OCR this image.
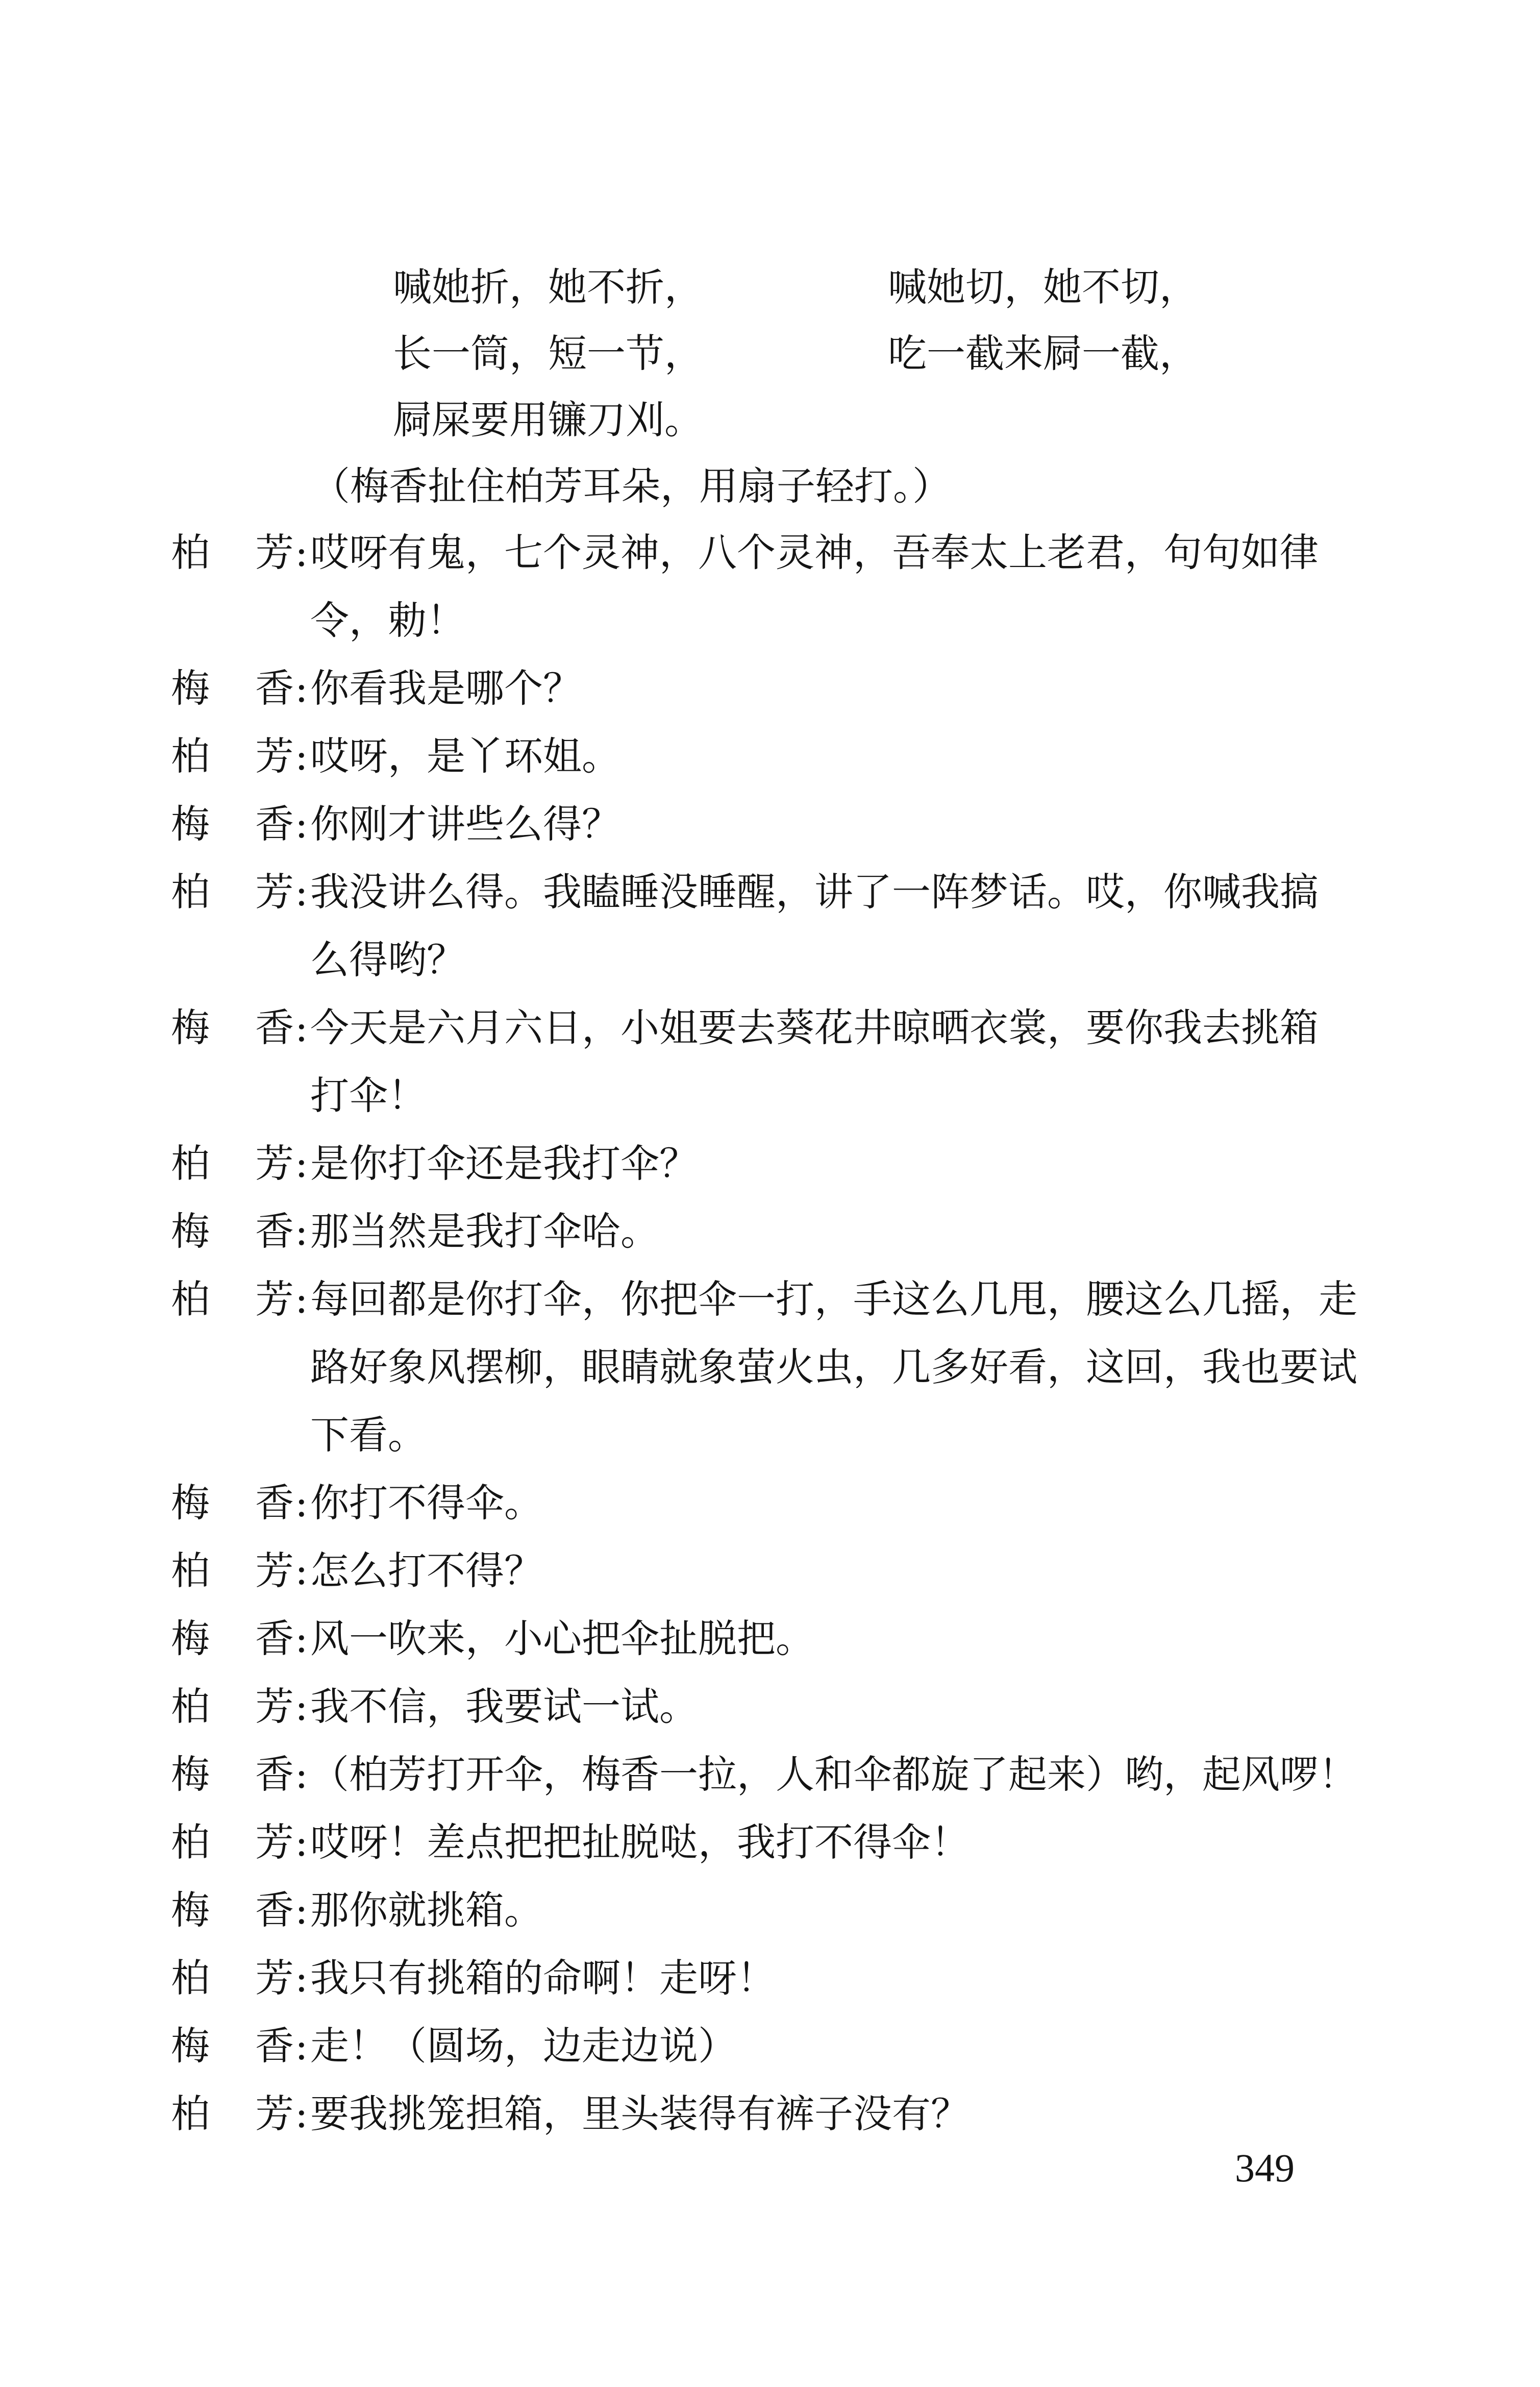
喊她折，她不折，	喊她切，她不切，
长一筒，短一节，	吃一截来屙一截，
屙屎要用镰刀刈。
（梅香扯住柏芳耳朵，用扇子轻打。）
柏 芳 : 哎呀有鬼，七个灵神，八个灵神，吾奉太上老君，句句如律
令，勅！
梅 香 : 你看我是哪个？
柏 芳 : 哎呀，是丫环姐。
梅 香 : 你刚才讲些么得？
柏 芳 : 我没讲么得。我瞌睡没睡醒，讲了一阵梦话。哎，你喊我搞
么得哟？
梅 香 : 今天是六月六日，小姐要去葵花井晾晒衣裳，要你我去挑箱
打伞！
柏 芳 : 是你打伞还是我打伞？
梅 香 : 那当然是我打伞哈。
柏 芳 : 每回都是你打伞，你把伞一打，手这么几甩，腰这么几摇，走
路好象风摆柳，眼睛就象萤火虫，几多好看，这回，我也要试
下看。
梅 香 : 你打不得伞。
柏 芳 : 怎么打不得？
梅 香 : 风一吹来，小心把伞扯脱把。
柏 芳 : 我不信，我要试一试。
梅 香 : （柏芳打开伞，梅香一拉，人和伞都旋了起来）哟，起风啰！
柏 芳 : 哎呀！差点把把扯脱哒，我打不得伞！
梅 香 : 那你就挑箱。
柏 芳 : 我只有挑箱的命啊！走呀！
梅 香 : 走！（圆场，边走边说）
柏 芳 : 要我挑笼担箱，里头装得有裤子没有？
349
